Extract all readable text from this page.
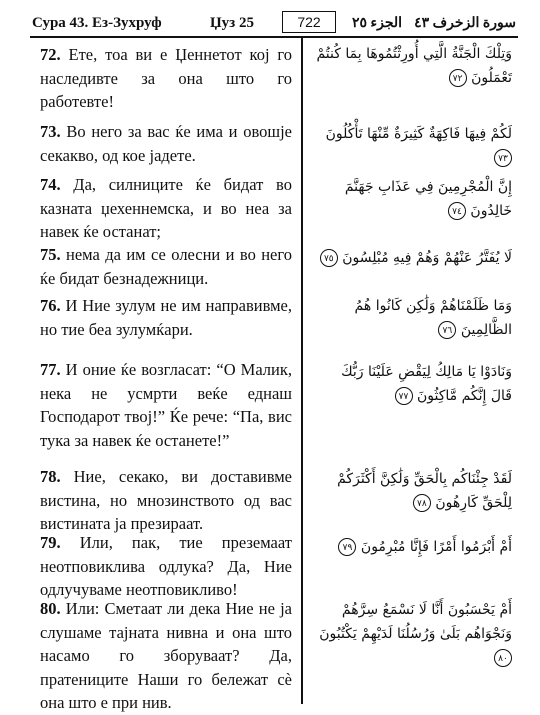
Сура 43. Ез-Зухруф	Џуз 25	722	الجزء ٢٥ سورة الزخرف ٤٣
72. Ете, тоа ви е Џеннетот кој го наследивте за она што го работевте!
وَتِلْكَ الْجَنَّةُ الَّتِي أُورِثْتُمُوهَا بِمَا كُنتُمْ تَعْمَلُونَ ٧٢
73. Во него за вас ќе има и овошје секакво, од кое јадете.
لَكُمْ فِيهَا فَاكِهَةٌ كَثِيرَةٌ مِّنْهَا تَأْكُلُونَ ٧٣
74. Да, силниците ќе бидат во казната џехеннемска, и во неа за навек ќе останат;
إِنَّ الْمُجْرِمِينَ فِي عَذَابِ جَهَنَّمَ خَالِدُونَ ٧٤
75. нема да им се олесни и во него ќе бидат безнадежници.
لَا يُفَتَّرُ عَنْهُمْ وَهُمْ فِيهِ مُبْلِسُونَ ٧٥
76. И Ние зулум не им направивме, но тие беа зулумќари.
وَمَا ظَلَمْنَاهُمْ وَلَٰكِن كَانُوا هُمُ الظَّالِمِينَ ٧٦
77. И оние ќе возгласат: “О Малик, нека не усмрти веќе еднаш Господарот твој!” Ќе рече: “Па, вис тука за навек ќе останете!”
وَنَادَوْا يَا مَالِكُ لِيَقْضِ عَلَيْنَا رَبُّكَ قَالَ إِنَّكُم مَّاكِثُونَ ٧٧
78. Ние, секако, ви доставивме вистина, но мнозинството од вас вистината ја презираат.
لَقَدْ جِئْنَاكُم بِالْحَقِّ وَلَٰكِنَّ أَكْثَرَكُمْ لِلْحَقِّ كَارِهُونَ ٧٨
79. Или, пак, тие преземаат неотповиклива одлука? Да, Ние одлучуваме неотповикливо!
أَمْ أَبْرَمُوا أَمْرًا فَإِنَّا مُبْرِمُونَ ٧٩
80. Или: Сметаат ли дека Ние не ја слушаме тајната нивна и она што насамо го зборуваат? Да, пратениците Наши го бележат сè она што е при нив.
أَمْ يَحْسَبُونَ أَنَّا لَا نَسْمَعُ سِرَّهُمْ وَنَجْوَاهُم بَلَىٰ وَرُسُلُنَا لَدَيْهِمْ يَكْتُبُونَ ٨٠
